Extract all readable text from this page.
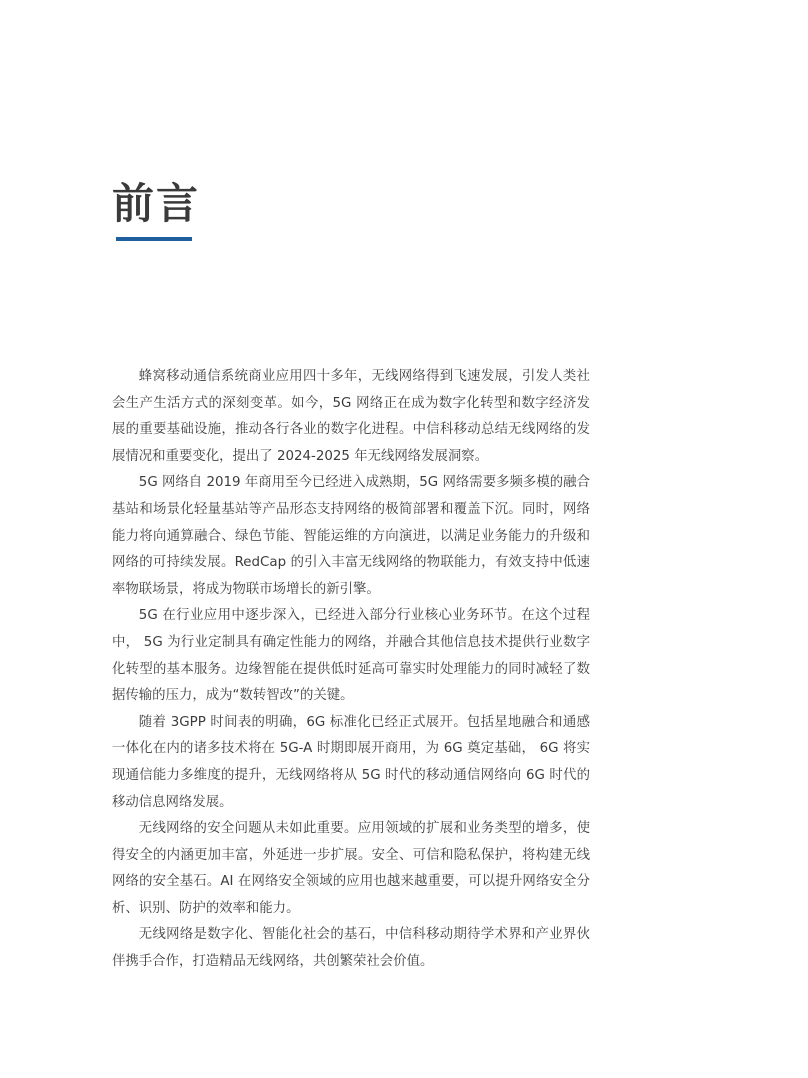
前言

蜂窝移动通信系统商业应用四十多年，无线网络得到飞速发展，引发人类社会生产生活方式的深刻变革。如今，5G 网络正在成为数字化转型和数字经济发展的重要基础设施，推动各行各业的数字化进程。中信科移动总结无线网络的发展情况和重要变化，提出了 2024-2025 年无线网络发展洞察。

5G 网络自 2019 年商用至今已经进入成熟期，5G 网络需要多频多模的融合基站和场景化轻量基站等产品形态支持网络的极简部署和覆盖下沉。同时，网络能力将向通算融合、绿色节能、智能运维的方向演进，以满足业务能力的升级和网络的可持续发展。RedCap 的引入丰富无线网络的物联能力，有效支持中低速率物联场景，将成为物联市场增长的新引擎。

5G 在行业应用中逐步深入，已经进入部分行业核心业务环节。在这个过程中， 5G 为行业定制具有确定性能力的网络，并融合其他信息技术提供行业数字化转型的基本服务。边缘智能在提供低时延高可靠实时处理能力的同时减轻了数据传输的压力，成为“数转智改”的关键。

随着 3GPP 时间表的明确，6G 标准化已经正式展开。包括星地融合和通感一体化在内的诸多技术将在 5G-A 时期即展开商用，为 6G 奠定基础， 6G 将实现通信能力多维度的提升，无线网络将从 5G 时代的移动通信网络向 6G 时代的移动信息网络发展。

无线网络的安全问题从未如此重要。应用领域的扩展和业务类型的增多，使得安全的内涵更加丰富，外延进一步扩展。安全、可信和隐私保护，将构建无线网络的安全基石。AI 在网络安全领域的应用也越来越重要，可以提升网络安全分析、识别、防护的效率和能力。

无线网络是数字化、智能化社会的基石，中信科移动期待学术界和产业界伙伴携手合作，打造精品无线网络，共创繁荣社会价值。
